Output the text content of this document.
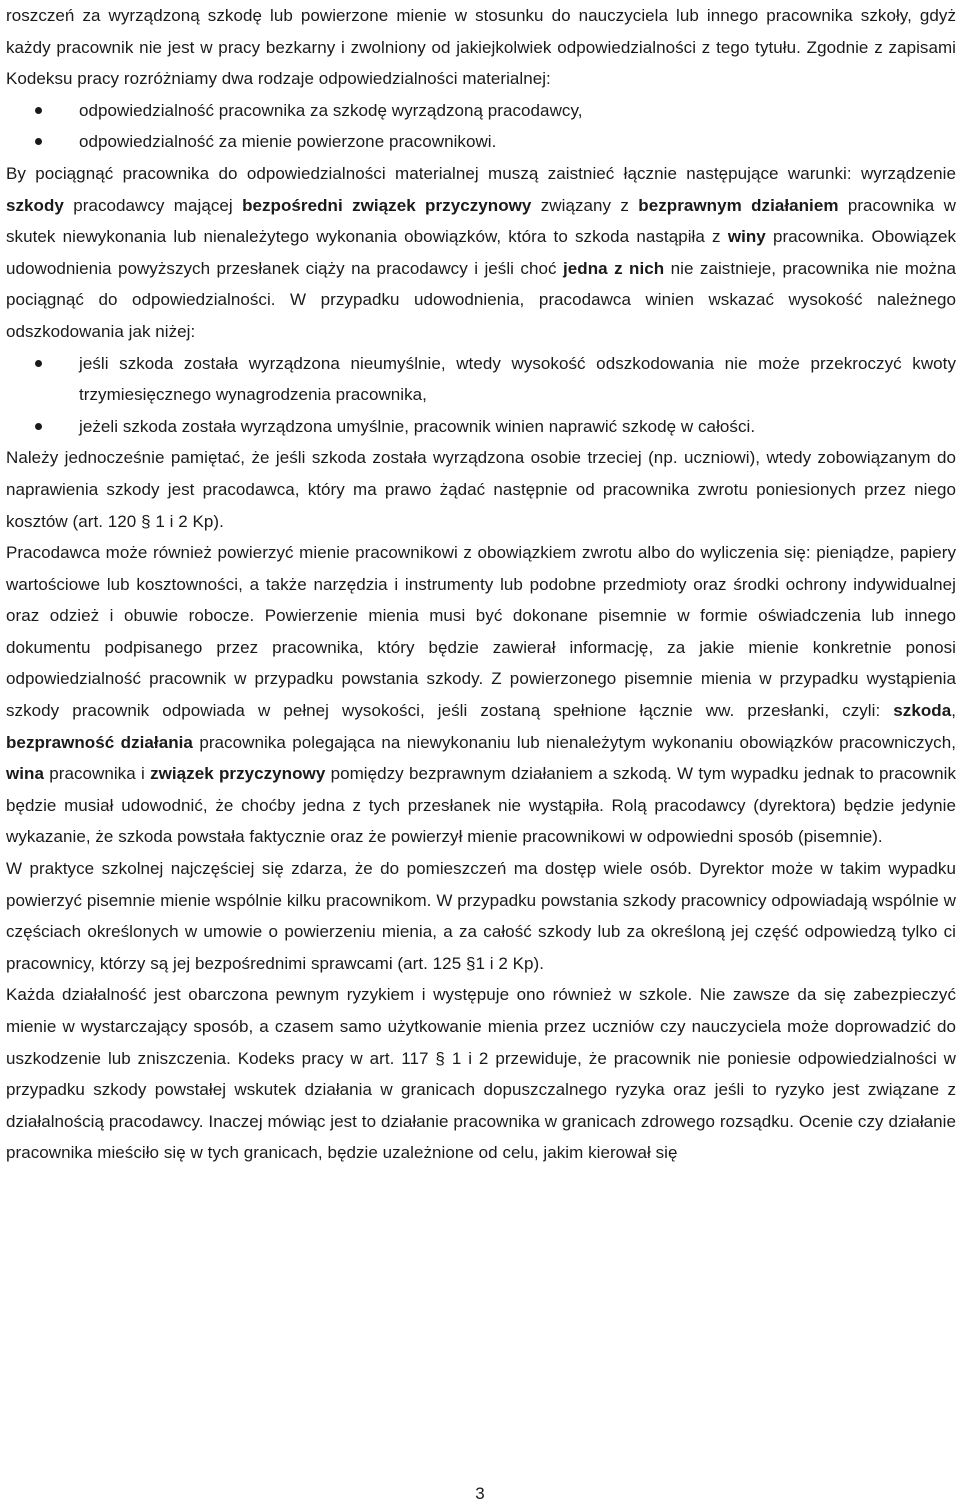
roszczeń za wyrządzoną szkodę lub powierzone mienie w stosunku do nauczyciela lub innego pracownika szkoły, gdyż każdy pracownik nie jest w pracy bezkarny i zwolniony od jakiejkolwiek odpowiedzialności z tego tytułu. Zgodnie z zapisami Kodeksu pracy rozróżniamy dwa rodzaje odpowiedzialności materialnej:

odpowiedzialność pracownika za szkodę wyrządzoną pracodawcy,
odpowiedzialność za mienie powierzone pracownikowi.

By pociągnąć pracownika do odpowiedzialności materialnej muszą zaistnieć łącznie następujące warunki: wyrządzenie szkody pracodawcy mającej bezpośredni związek przyczynowy związany z bezprawnym działaniem pracownika w skutek niewykonania lub nienależytego wykonania obowiązków, która to szkoda nastąpiła z winy pracownika. Obowiązek udowodnienia powyższych przesłanek ciąży na pracodawcy i jeśli choć jedna z nich nie zaistnieje, pracownika nie można pociągnąć do odpowiedzialności. W przypadku udowodnienia, pracodawca winien wskazać wysokość należnego odszkodowania jak niżej:

jeśli szkoda została wyrządzona nieumyślnie, wtedy wysokość odszkodowania nie może przekroczyć kwoty trzymiesięcznego wynagrodzenia pracownika,
jeżeli szkoda została wyrządzona umyślnie, pracownik winien naprawić szkodę w całości.

Należy jednocześnie pamiętać, że jeśli szkoda została wyrządzona osobie trzeciej (np. uczniowi), wtedy zobowiązanym do naprawienia szkody jest pracodawca, który ma prawo żądać następnie od pracownika zwrotu poniesionych przez niego kosztów (art. 120 § 1 i 2 Kp).

Pracodawca może również powierzyć mienie pracownikowi z obowiązkiem zwrotu albo do wyliczenia się: pieniądze, papiery wartościowe lub kosztowności, a także narzędzia i instrumenty lub podobne przedmioty oraz środki ochrony indywidualnej oraz odzież i obuwie robocze. Powierzenie mienia musi być dokonane pisemnie w formie oświadczenia lub innego dokumentu podpisanego przez pracownika, który będzie zawierał informację, za jakie mienie konkretnie ponosi odpowiedzialność pracownik w przypadku powstania szkody. Z powierzonego pisemnie mienia w przypadku wystąpienia szkody pracownik odpowiada w pełnej wysokości, jeśli zostaną spełnione łącznie ww. przesłanki, czyli: szkoda, bezprawność działania pracownika polegająca na niewykonaniu lub nienależytym wykonaniu obowiązków pracowniczych, wina pracownika i związek przyczynowy pomiędzy bezprawnym działaniem a szkodą. W tym wypadku jednak to pracownik będzie musiał udowodnić, że choćby jedna z tych przesłanek nie wystąpiła. Rolą pracodawcy (dyrektora) będzie jedynie wykazanie, że szkoda powstała faktycznie oraz że powierzył mienie pracownikowi w odpowiedni sposób (pisemnie).

W praktyce szkolnej najczęściej się zdarza, że do pomieszczeń ma dostęp wiele osób. Dyrektor może w takim wypadku powierzyć pisemnie mienie wspólnie kilku pracownikom. W przypadku powstania szkody pracownicy odpowiadają wspólnie w częściach określonych w umowie o powierzeniu mienia, a za całość szkody lub za określoną jej część odpowiedzą tylko ci pracownicy, którzy są jej bezpośrednimi sprawcami (art. 125 §1 i 2 Kp).

Każda działalność jest obarczona pewnym ryzykiem i występuje ono również w szkole. Nie zawsze da się zabezpieczyć mienie w wystarczający sposób, a czasem samo użytkowanie mienia przez uczniów czy nauczyciela może doprowadzić do uszkodzenie lub zniszczenia. Kodeks pracy w art. 117 § 1 i 2 przewiduje, że pracownik nie poniesie odpowiedzialności w przypadku szkody powstałej wskutek działania w granicach dopuszczalnego ryzyka oraz jeśli to ryzyko jest związane z działalnością pracodawcy. Inaczej mówiąc jest to działanie pracownika w granicach zdrowego rozsądku. Ocenie czy działanie pracownika mieściło się w tych granicach, będzie uzależnione od celu, jakim kierował się

3
